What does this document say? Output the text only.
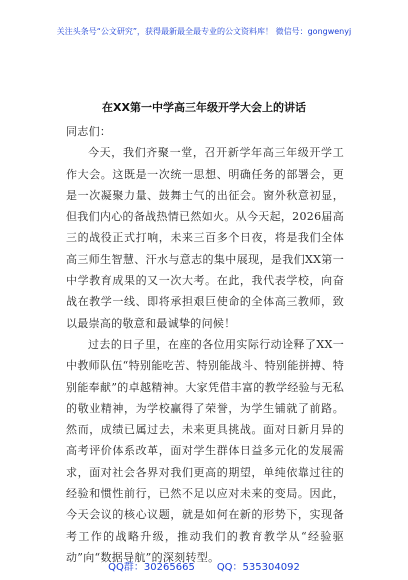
关注头条号“公文研究”，获得最新最全最专业的公文资料库！ 微信号：gongwenyj
在XX第一中学高三年级开学大会上的讲话

同志们：

今天，我们齐聚一堂，召开新学年高三年级开学工作大会。这既是一次统一思想、明确任务的部署会，更是一次凝聚力量、鼓舞士气的出征会。窗外秋意初显，但我们内心的备战热情已然如火。从今天起，2026届高三的战役正式打响，未来三百多个日夜，将是我们全体高三师生智慧、汗水与意志的集中展现，是我们XX第一中学教育成果的又一次大考。在此，我代表学校，向奋战在教学一线、即将承担艰巨使命的全体高三教师，致以最崇高的敬意和最诚挚的问候！

过去的日子里，在座的各位用实际行动诠释了XX一中教师队伍“特别能吃苦、特别能战斗、特别能拼搏、特别能奉献”的卓越精神。大家凭借丰富的教学经验与无私的敬业精神，为学校赢得了荣誉，为学生铺就了前路。然而，成绩已属过去，未来更具挑战。面对日新月异的高考评价体系改革，面对学生群体日益多元化的发展需求，面对社会各界对我们更高的期望，单纯依靠过往的经验和惯性前行，已然不足以应对未来的变局。因此，今天会议的核心议题，就是如何在新的形势下，实现备考工作的战略升级，推动我们的教育教学从“经验驱动”向“数据导航”的深刻转型。

QQ群：30265665 QQ：535304092
